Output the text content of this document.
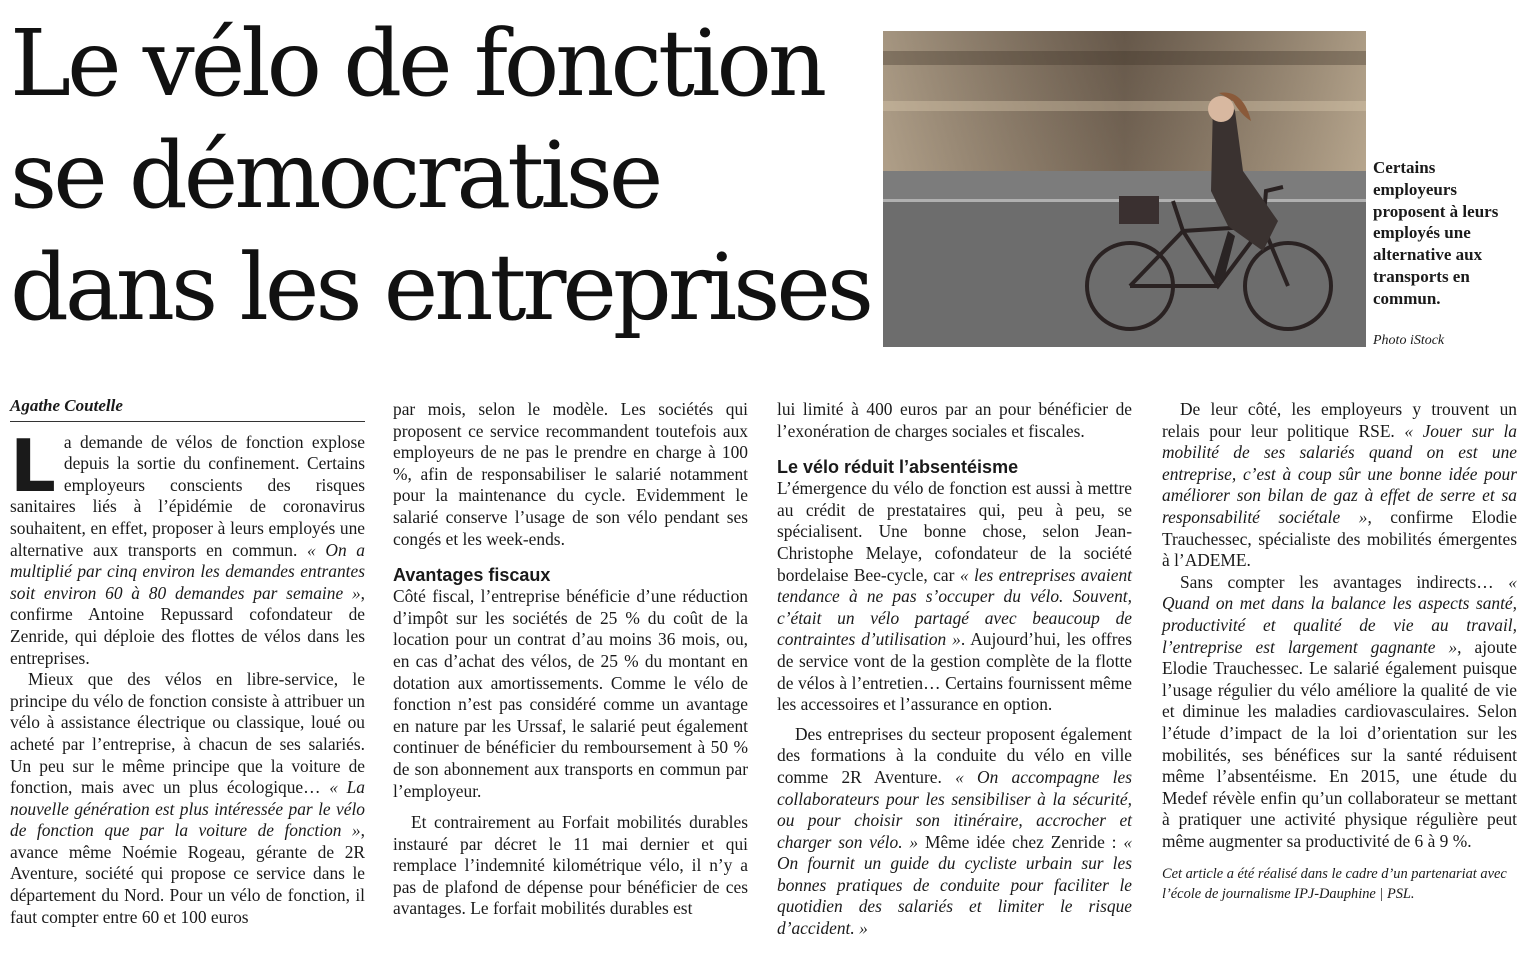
Le vélo de fonction
se démocratise
dans les entreprises
Certains employeurs proposent à leurs employés une alternative aux transports en commun.
Photo iStock
Agathe Coutelle

La demande de vélos de fonction explose depuis la sortie du confinement. Certains employeurs conscients des risques sanitaires liés à l’épidémie de coronavirus souhaitent, en effet, proposer à leurs employés une alternative aux transports en commun. « On a multiplié par cinq environ les demandes entrantes soit environ 60 à 80 demandes par semaine », confirme Antoine Repussard cofondateur de Zenride, qui déploie des flottes de vélos dans les entreprises.

Mieux que des vélos en libre-service, le principe du vélo de fonction consiste à attribuer un vélo à assistance électrique ou classique, loué ou acheté par l’entreprise, à chacun de ses salariés. Un peu sur le même principe que la voiture de fonction, mais avec un plus écologique… « La nouvelle génération est plus intéressée par le vélo de fonction que par la voiture de fonction », avance même Noémie Rogeau, gérante de 2R Aventure, société qui propose ce service dans le département du Nord. Pour un vélo de fonction, il faut compter entre 60 et 100 euros

par mois, selon le modèle. Les sociétés qui proposent ce service recommandent toutefois aux employeurs de ne pas le prendre en charge à 100 %, afin de responsabiliser le salarié notamment pour la maintenance du cycle. Evidemment le salarié conserve l’usage de son vélo pendant ses congés et les week-ends.

Avantages fiscaux

Côté fiscal, l’entreprise bénéficie d’une réduction d’impôt sur les sociétés de 25 % du coût de la location pour un contrat d’au moins 36 mois, ou, en cas d’achat des vélos, de 25 % du montant en dotation aux amortissements. Comme le vélo de fonction n’est pas considéré comme un avantage en nature par les Urssaf, le salarié peut également continuer de bénéficier du remboursement à 50 % de son abonnement aux transports en commun par l’employeur.

Et contrairement au Forfait mobilités durables instauré par décret le 11 mai dernier et qui remplace l’indemnité kilométrique vélo, il n’y a pas de plafond de dépense pour bénéficier de ces avantages. Le forfait mobilités durables est

lui limité à 400 euros par an pour bénéficier de l’exonération de charges sociales et fiscales.

Le vélo réduit l’absentéisme

L’émergence du vélo de fonction est aussi à mettre au crédit de prestataires qui, peu à peu, se spécialisent. Une bonne chose, selon Jean-Christophe Melaye, cofondateur de la société bordelaise Bee-cycle, car « les entreprises avaient tendance à ne pas s’occuper du vélo. Souvent, c’était un vélo partagé avec beaucoup de contraintes d’utilisation ». Aujourd’hui, les offres de service vont de la gestion complète de la flotte de vélos à l’entretien… Certains fournissent même les accessoires et l’assurance en option.

Des entreprises du secteur proposent également des formations à la conduite du vélo en ville comme 2R Aventure. « On accompagne les collaborateurs pour les sensibiliser à la sécurité, ou pour choisir son itinéraire, accrocher et charger son vélo. » Même idée chez Zenride : « On fournit un guide du cycliste urbain sur les bonnes pratiques de conduite pour faciliter le quotidien des salariés et limiter le risque d’accident. »

De leur côté, les employeurs y trouvent un relais pour leur politique RSE. « Jouer sur la mobilité de ses salariés quand on est une entreprise, c’est à coup sûr une bonne idée pour améliorer son bilan de gaz à effet de serre et sa responsabilité sociétale », confirme Elodie Trauchessec, spécialiste des mobilités émergentes à l’ADEME.

Sans compter les avantages indirects… « Quand on met dans la balance les aspects santé, productivité et qualité de vie au travail, l’entreprise est largement gagnante », ajoute Elodie Trauchessec. Le salarié également puisque l’usage régulier du vélo améliore la qualité de vie et diminue les maladies cardiovasculaires. Selon l’étude d’impact de la loi d’orientation sur les mobilités, ses bénéfices sur la santé réduisent même l’absentéisme. En 2015, une étude du Medef révèle enfin qu’un collaborateur se mettant à pratiquer une activité physique régulière peut même augmenter sa productivité de 6 à 9 %.

Cet article a été réalisé dans le cadre d’un partenariat avec l’école de journalisme IPJ-Dauphine | PSL.
